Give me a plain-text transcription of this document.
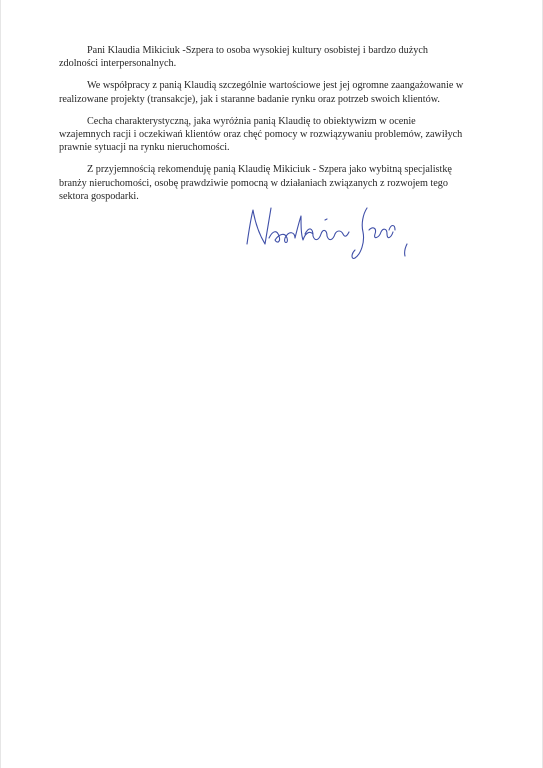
Pani Klaudia Mikiciuk -Szpera to osoba wysokiej kultury osobistej i bardzo dużych
zdolności interpersonalnych.

We współpracy z panią Klaudią szczególnie wartościowe jest jej ogromne zaangażowanie w
realizowane projekty (transakcje), jak i staranne badanie rynku oraz potrzeb swoich klientów.

Cecha charakterystyczną, jaka wyróżnia panią Klaudię to obiektywizm w ocenie
wzajemnych racji i oczekiwań klientów oraz chęć pomocy w rozwiązywaniu problemów, zawiłych
prawnie sytuacji na rynku nieruchomości.

Z przyjemnością rekomenduję panią Klaudię Mikiciuk - Szpera jako wybitną specjalistkę
branży nieruchomości, osobę prawdziwie pomocną w działaniach związanych z rozwojem tego
sektora gospodarki.
